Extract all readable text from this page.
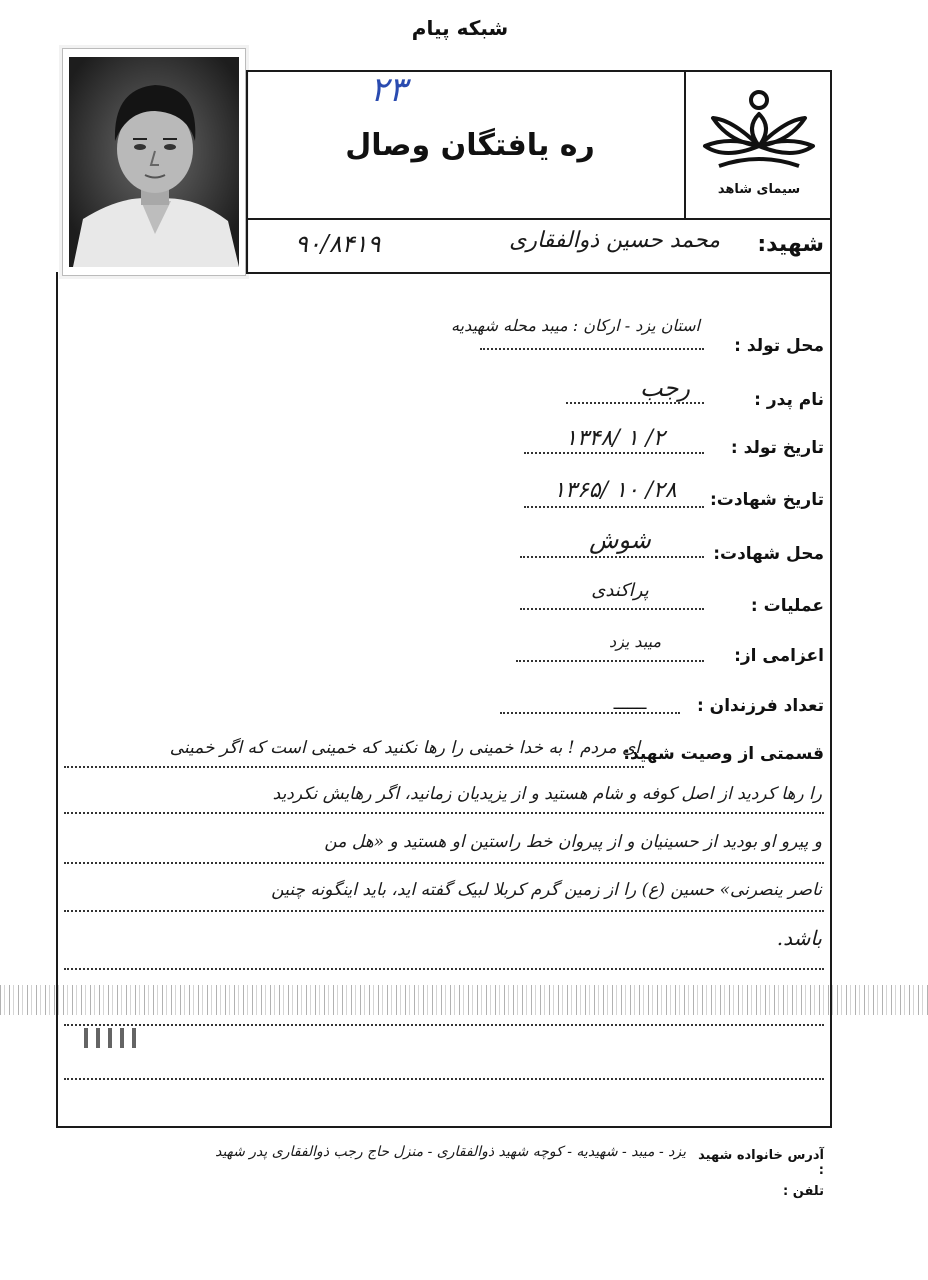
شبکه پیام
سیمای شاهد
۲۳
ره یافتگان وصال
شهید:
محمد حسین ذوالفقاری
۹۰/۸۴۱۹
محل تولد :
استان یزد - ارکان : میبد محله شهیدیه
نام پدر :
رجب
تاریخ تولد :
۱۳۴۸/ ۱ /۲
تاریخ شهادت:
۱۳۶۵/ ۱۰ /۲۸
محل شهادت:
شوش
عملیات :
پراکندی
اعزامی از:
میبد یزد
تعداد فرزندان :
ـــــــ
قسمتی از وصیت شهید:
ای مردم ! به خدا خمینی را رها نکنید که خمینی است که اگر خمینی
را رها کردید از اصل کوفه و شام هستید و از یزیدیان زمانید، اگر رهایش نکردید
و پیرو او بودید از حسینیان و از پیروان خط راستین او هستید و «هل من
ناصر ینصرنی» حسین (ع) را از زمین گرم کربلا لبیک گفته اید، باید اینگونه چنین
باشد.
آدرس خانواده شهید :
یزد - میبد - شهیدیه - کوچه شهید ذوالفقاری - منزل حاج رجب ذوالفقاری پدر شهید
تلفن :
